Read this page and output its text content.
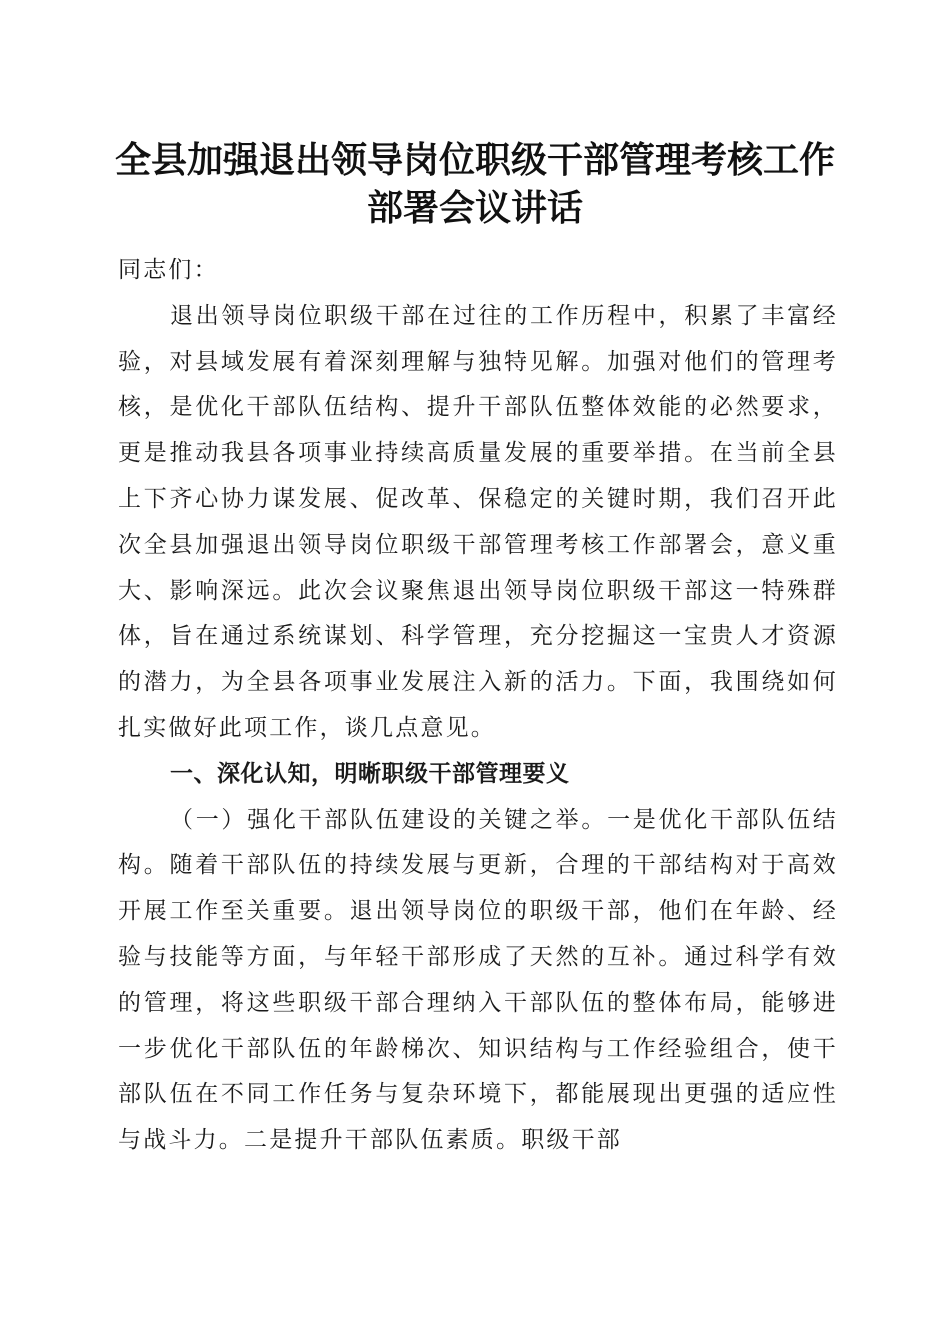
全县加强退出领导岗位职级干部管理考核工作
部署会议讲话

同志们：

退出领导岗位职级干部在过往的工作历程中，积累了丰富经验，对县域发展有着深刻理解与独特见解。加强对他们的管理考核，是优化干部队伍结构、提升干部队伍整体效能的必然要求，更是推动我县各项事业持续高质量发展的重要举措。在当前全县上下齐心协力谋发展、促改革、保稳定的关键时期，我们召开此次全县加强退出领导岗位职级干部管理考核工作部署会，意义重大、影响深远。此次会议聚焦退出领导岗位职级干部这一特殊群体，旨在通过系统谋划、科学管理，充分挖掘这一宝贵人才资源的潜力，为全县各项事业发展注入新的活力。下面，我围绕如何扎实做好此项工作，谈几点意见。

一、深化认知，明晰职级干部管理要义

（一）强化干部队伍建设的关键之举。一是优化干部队伍结构。随着干部队伍的持续发展与更新，合理的干部结构对于高效开展工作至关重要。退出领导岗位的职级干部，他们在年龄、经验与技能等方面，与年轻干部形成了天然的互补。通过科学有效的管理，将这些职级干部合理纳入干部队伍的整体布局，能够进一步优化干部队伍的年龄梯次、知识结构与工作经验组合，使干部队伍在不同工作任务与复杂环境下，都能展现出更强的适应性与战斗力。二是提升干部队伍素质。职级干部
